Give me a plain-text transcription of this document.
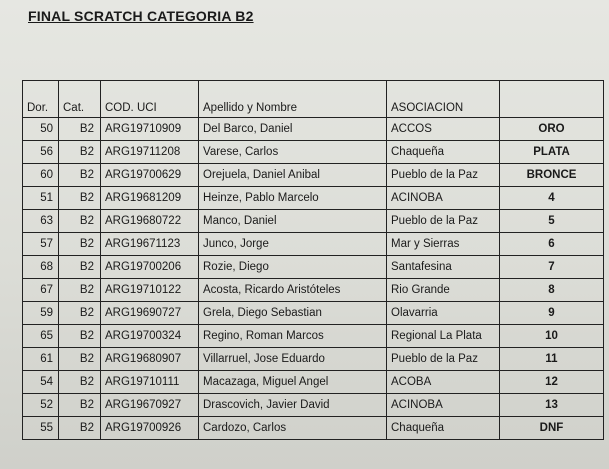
FINAL SCRATCH CATEGORIA B2
Dor.	Cat.	COD. UCI	Apellido y Nombre	ASOCIACION	
50	B2	ARG19710909	Del Barco, Daniel	ACCOS	ORO
56	B2	ARG19711208	Varese, Carlos	Chaqueña	PLATA
60	B2	ARG19700629	Orejuela, Daniel Anibal	Pueblo de la Paz	BRONCE
51	B2	ARG19681209	Heinze, Pablo Marcelo	ACINOBA	4
63	B2	ARG19680722	Manco, Daniel	Pueblo de la Paz	5
57	B2	ARG19671123	Junco, Jorge	Mar y Sierras	6
68	B2	ARG19700206	Rozie, Diego	Santafesina	7
67	B2	ARG19710122	Acosta, Ricardo Aristóteles	Rio Grande	8
59	B2	ARG19690727	Grela, Diego Sebastian	Olavarria	9
65	B2	ARG19700324	Regino, Roman Marcos	Regional La Plata	10
61	B2	ARG19680907	Villarruel, Jose Eduardo	Pueblo de la Paz	11
54	B2	ARG19710111	Macazaga, Miguel Angel	ACOBA	12
52	B2	ARG19670927	Drascovich, Javier David	ACINOBA	13
55	B2	ARG19700926	Cardozo, Carlos	Chaqueña	DNF
